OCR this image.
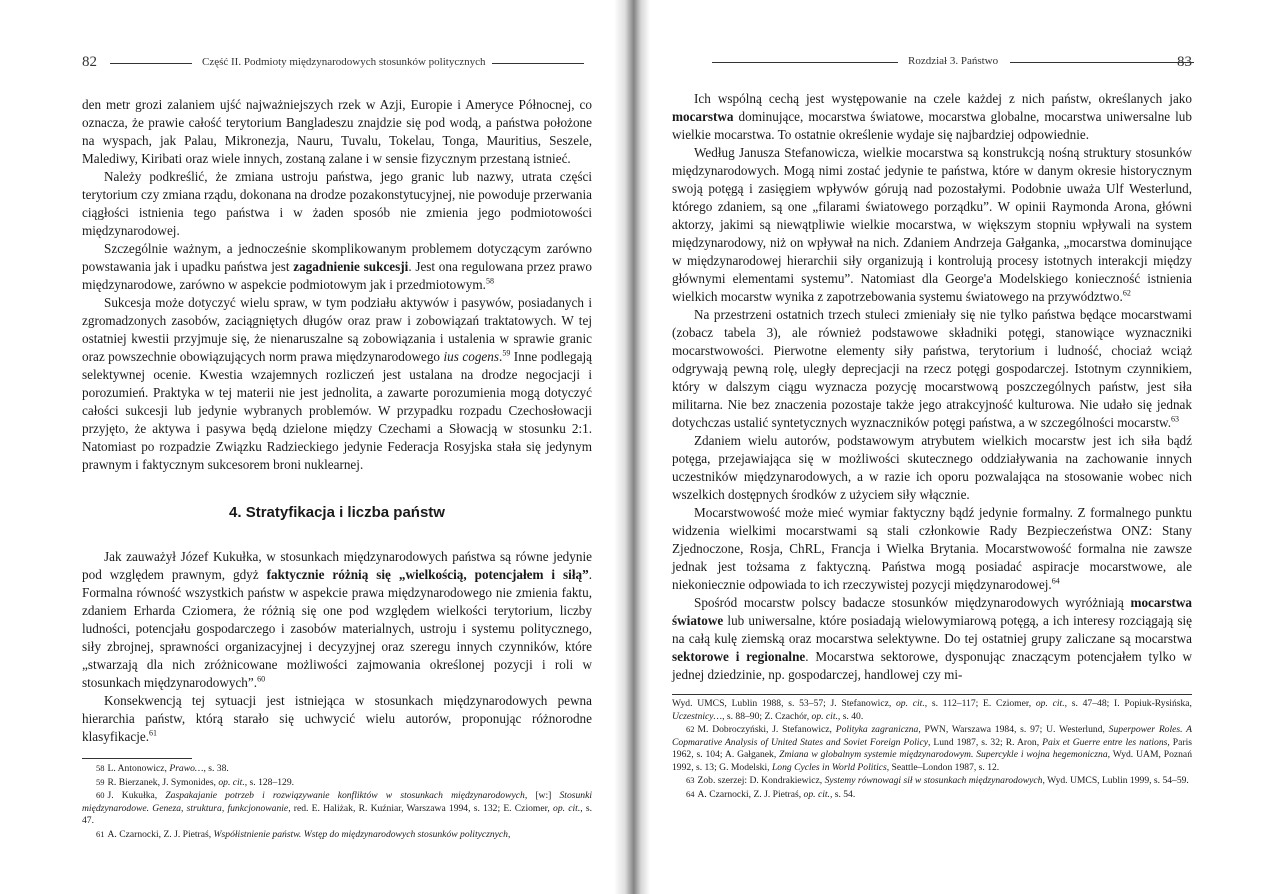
82	Część II. Podmioty międzynarodowych stosunków politycznych

den metr grozi zalaniem ujść najważniejszych rzek w Azji, Europie i Ameryce Północnej, co oznacza, że prawie całość terytorium Bangladeszu znajdzie się pod wodą, a państwa położone na wyspach, jak Palau, Mikronezja, Nauru, Tuvalu, Tokelau, Tonga, Mauritius, Seszele, Malediwy, Kiribati oraz wiele innych, zostaną zalane i w sensie fizycznym przestaną istnieć.

Należy podkreślić, że zmiana ustroju państwa, jego granic lub nazwy, utrata części terytorium czy zmiana rządu, dokonana na drodze pozakonstytucyjnej, nie powoduje przerwania ciągłości istnienia tego państwa i w żaden sposób nie zmienia jego podmiotowości międzynarodowej.

Szczególnie ważnym, a jednocześnie skomplikowanym problemem dotyczącym zarówno powstawania jak i upadku państwa jest zagadnienie sukcesji. Jest ona regulowana przez prawo międzynarodowe, zarówno w aspekcie podmiotowym jak i przedmiotowym.$^{58}$

Sukcesja może dotyczyć wielu spraw, w tym podziału aktywów i pasywów, posiadanych i zgromadzonych zasobów, zaciągniętych długów oraz praw i zobowiązań traktatowych. W tej ostatniej kwestii przyjmuje się, że nienaruszalne są zobowiązania i ustalenia w sprawie granic oraz powszechnie obowiązujących norm prawa międzynarodowego ius cogens.$^{59}$ Inne podlegają selektywnej ocenie. Kwestia wzajemnych rozliczeń jest ustalana na drodze negocjacji i porozumień. Praktyka w tej materii nie jest jednolita, a zawarte porozumienia mogą dotyczyć całości sukcesji lub jedynie wybranych problemów. W przypadku rozpadu Czechosłowacji przyjęto, że aktywa i pasywa będą dzielone między Czechami a Słowacją w stosunku 2:1. Natomiast po rozpadzie Związku Radzieckiego jedynie Federacja Rosyjska stała się jedynym prawnym i faktycznym sukcesorem broni nuklearnej.

4. Stratyfikacja i liczba państw

Jak zauważył Józef Kukułka, w stosunkach międzynarodowych państwa są równe jedynie pod względem prawnym, gdyż faktycznie różnią się „wielkością, potencjałem i siłą”. Formalna równość wszystkich państw w aspekcie prawa międzynarodowego nie zmienia faktu, zdaniem Erharda Cziomera, że różnią się one pod względem wielkości terytorium, liczby ludności, potencjału gospodarczego i zasobów materialnych, ustroju i systemu politycznego, siły zbrojnej, sprawności organizacyjnej i decyzyjnej oraz szeregu innych czynników, które „stwarzają dla nich zróżnicowane możliwości zajmowania określonej pozycji i roli w stosunkach międzynarodowych”.$^{60}$

Konsekwencją tej sytuacji jest istniejąca w stosunkach międzynarodowych pewna hierarchia państw, którą starało się uchwycić wielu autorów, proponując różnorodne klasyfikacje.$^{61}$

58 L. Antonowicz, Prawo…, s. 38.

59 R. Bierzanek, J. Symonides, op. cit., s. 128–129.

60 J. Kukułka, Zaspakajanie potrzeb i rozwiązywanie konfliktów w stosunkach międzynarodowych, [w:] Stosunki międzynarodowe. Geneza, struktura, funkcjonowanie, red. E. Haliżak, R. Kuźniar, Warszawa 1994, s. 132; E. Cziomer, op. cit., s. 47.

61 A. Czarnocki, Z. J. Pietraś, Współistnienie państw. Wstęp do międzynarodowych stosunków politycznych,

Rozdział 3. Państwo	83

Ich wspólną cechą jest występowanie na czele każdej z nich państw, określanych jako mocarstwa dominujące, mocarstwa światowe, mocarstwa globalne, mocarstwa uniwersalne lub wielkie mocarstwa. To ostatnie określenie wydaje się najbardziej odpowiednie.

Według Janusza Stefanowicza, wielkie mocarstwa są konstrukcją nośną struktury stosunków międzynarodowych. Mogą nimi zostać jedynie te państwa, które w danym okresie historycznym swoją potęgą i zasięgiem wpływów górują nad pozostałymi. Podobnie uważa Ulf Westerlund, którego zdaniem, są one „filarami światowego porządku”. W opinii Raymonda Arona, główni aktorzy, jakimi są niewątpliwie wielkie mocarstwa, w większym stopniu wpływali na system międzynarodowy, niż on wpływał na nich. Zdaniem Andrzeja Gałganka, „mocarstwa dominujące w międzynarodowej hierarchii siły organizują i kontrolują procesy istotnych interakcji między głównymi elementami systemu”. Natomiast dla George'a Modelskiego konieczność istnienia wielkich mocarstw wynika z zapotrzebowania systemu światowego na przywództwo.$^{62}$

Na przestrzeni ostatnich trzech stuleci zmieniały się nie tylko państwa będące mocarstwami (zobacz tabela 3), ale również podstawowe składniki potęgi, stanowiące wyznaczniki mocarstwowości. Pierwotne elementy siły państwa, terytorium i ludność, chociaż wciąż odgrywają pewną rolę, uległy deprecjacji na rzecz potęgi gospodarczej. Istotnym czynnikiem, który w dalszym ciągu wyznacza pozycję mocarstwową poszczególnych państw, jest siła militarna. Nie bez znaczenia pozostaje także jego atrakcyjność kulturowa. Nie udało się jednak dotychczas ustalić syntetycznych wyznaczników potęgi państwa, a w szczególności mocarstw.$^{63}$

Zdaniem wielu autorów, podstawowym atrybutem wielkich mocarstw jest ich siła bądź potęga, przejawiająca się w możliwości skutecznego oddziaływania na zachowanie innych uczestników międzynarodowych, a w razie ich oporu pozwalająca na stosowanie wobec nich wszelkich dostępnych środków z użyciem siły włącznie.

Mocarstwowość może mieć wymiar faktyczny bądź jedynie formalny. Z formalnego punktu widzenia wielkimi mocarstwami są stali członkowie Rady Bezpieczeństwa ONZ: Stany Zjednoczone, Rosja, ChRL, Francja i Wielka Brytania. Mocarstwowość formalna nie zawsze jednak jest tożsama z faktyczną. Państwa mogą posiadać aspiracje mocarstwowe, ale niekoniecznie odpowiada to ich rzeczywistej pozycji międzynarodowej.$^{64}$

Spośród mocarstw polscy badacze stosunków międzynarodowych wyróżniają mocarstwa światowe lub uniwersalne, które posiadają wielowymiarową potęgą, a ich interesy rozciągają się na całą kulę ziemską oraz mocarstwa selektywne. Do tej ostatniej grupy zaliczane są mocarstwa sektorowe i regionalne. Mocarstwa sektorowe, dysponując znaczącym potencjałem tylko w jednej dziedzinie, np. gospodarczej, handlowej czy mi-

Wyd. UMCS, Lublin 1988, s. 53–57; J. Stefanowicz, op. cit., s. 112–117; E. Cziomer, op. cit., s. 47–48; I. Popiuk-Rysińska, Uczestnicy…, s. 88–90; Z. Czachór, op. cit., s. 40.

62 M. Dobroczyński, J. Stefanowicz, Polityka zagraniczna, PWN, Warszawa 1984, s. 97; U. Westerlund, Superpower Roles. A Copmarative Analysis of United States and Soviet Foreign Policy, Lund 1987, s. 32; R. Aron, Paix et Guerre entre les nations, Paris 1962, s. 104; A. Gałganek, Zmiana w globalnym systemie międzynarodowym. Supercykle i wojna hegemoniczna, Wyd. UAM, Poznań 1992, s. 13; G. Modelski, Long Cycles in World Politics, Seattle–London 1987, s. 12.

63 Zob. szerzej: D. Kondrakiewicz, Systemy równowagi sił w stosunkach międzynarodowych, Wyd. UMCS, Lublin 1999, s. 54–59.

64 A. Czarnocki, Z. J. Pietraś, op. cit., s. 54.
